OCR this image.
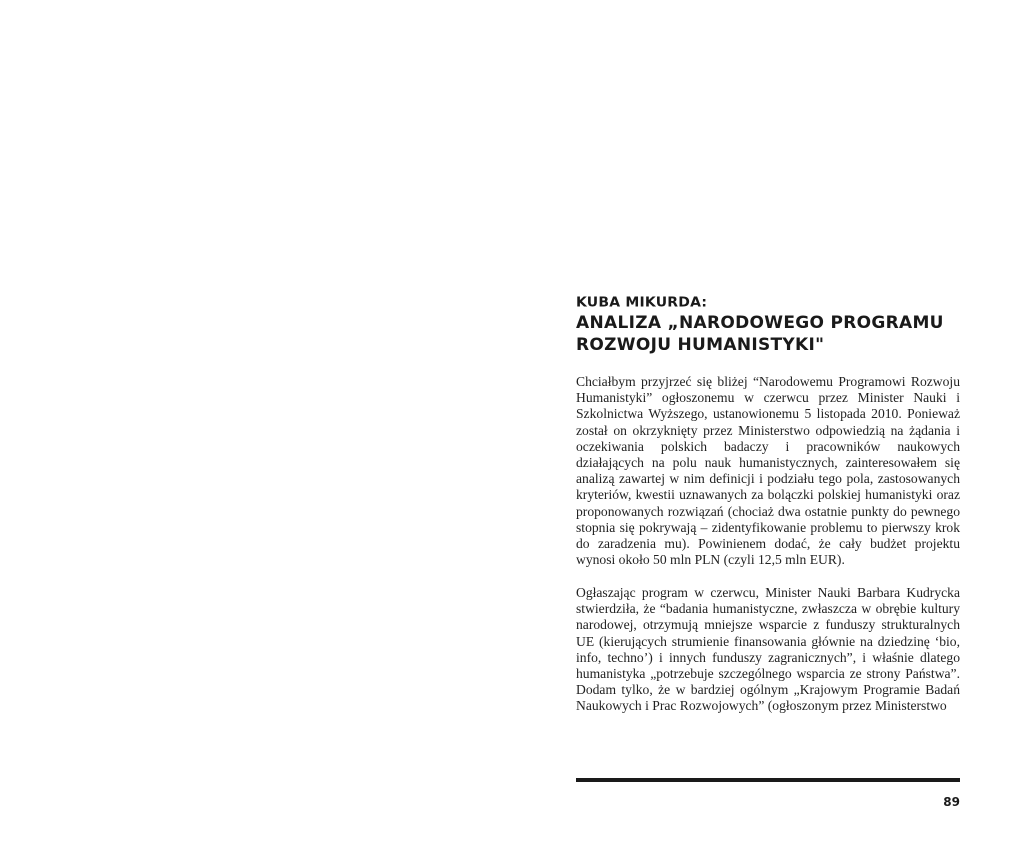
KUBA MIKURDA:

ANALIZA „NARODOWEGO PROGRAMU
ROZWOJU HUMANISTYKI"

Chciałbym przyjrzeć się bliżej “Narodowemu Programowi Rozwoju Humanistyki” ogłoszonemu w czerwcu przez Minister Nauki i Szkolnictwa Wyższego, ustanowionemu 5 listopada 2010. Ponieważ został on okrzyknięty przez Ministerstwo odpowiedzią na żądania i oczekiwania polskich badaczy i pracowników naukowych działających na polu nauk humanistycznych, zainteresowałem się analizą zawartej w nim definicji i podziału tego pola, zastosowanych kryteriów, kwestii uznawanych za bolączki polskiej humanistyki oraz proponowanych rozwiązań (chociaż dwa ostatnie punkty do pewnego stopnia się pokrywają – zidentyfikowanie problemu to pierwszy krok do zaradzenia mu). Powinienem dodać, że cały budżet projektu wynosi około 50 mln PLN (czyli 12,5 mln EUR).

Ogłaszając program w czerwcu, Minister Nauki Barbara Kudrycka stwierdziła, że “badania humanistyczne, zwłaszcza w obrębie kultury narodowej, otrzymują mniejsze wsparcie z funduszy strukturalnych UE (kierujących strumienie finansowania głównie na dziedzinę ‘bio, info, techno’) i innych funduszy zagranicznych”, i właśnie dlatego humanistyka „potrzebuje szczególnego wsparcia ze strony Państwa”. Dodam tylko, że w bardziej ogólnym „Krajowym Programie Badań Naukowych i Prac Rozwojowych” (ogłoszonym przez Ministerstwo

89
